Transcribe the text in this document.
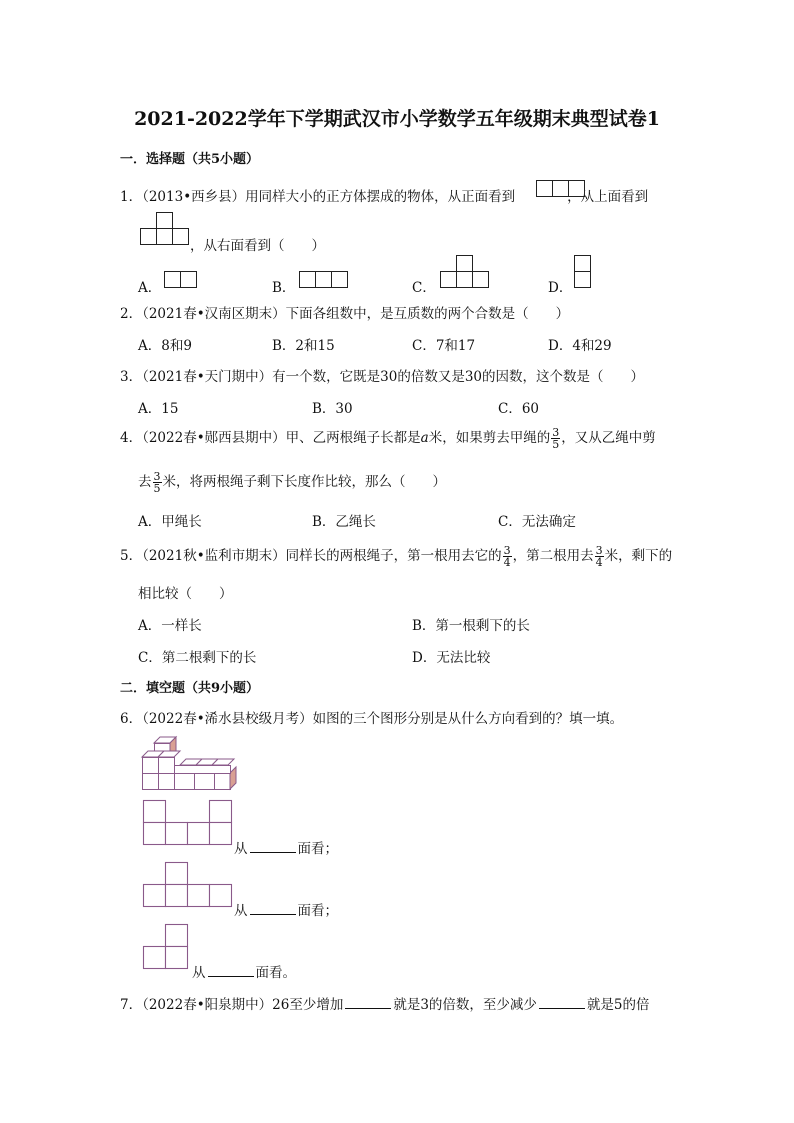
2021-2022学年下学期武汉市小学数学五年级期末典型试卷1
一．选择题（共5小题）
1．（2013•西乡县）用同样大小的正方体摆成的物体，从正面看到	，从上面看到
，从右面看到（　　）
A．	B．	C．	D．
2．（2021春•汉南区期末）下面各组数中，是互质数的两个合数是（　　）
A．8和9	B．2和15	C．7和17	D．4和29
3．（2021春•天门期中）有一个数，它既是30的倍数又是30的因数，这个数是（　　）
A．15	B．30	C．60
4．（2022春•郧西县期中）甲、乙两根绳子长都是a米，如果剪去甲绳的 $\frac{3}{5}$ ，又从乙绳中剪
去 $\frac{3}{5}$ 米，将两根绳子剩下长度作比较，那么（　　）
A．甲绳长	B．乙绳长	C．无法确定
5．（2021秋•监利市期末）同样长的两根绳子，第一根用去它的 $\frac{3}{4}$ ，第二根用去 $\frac{3}{4}$ 米，剩下的
相比较（　　）
A．一样长	B．第一根剩下的长
C．第二根剩下的长	D．无法比较
二．填空题（共9小题）
6．（2022春•浠水县校级月考）如图的三个图形分别是从什么方向看到的？填一填。
从	面看；
从	面看；
从	面看。
7．（2022春•阳泉期中）26至少增加	就是3的倍数，至少减少	就是5的倍
